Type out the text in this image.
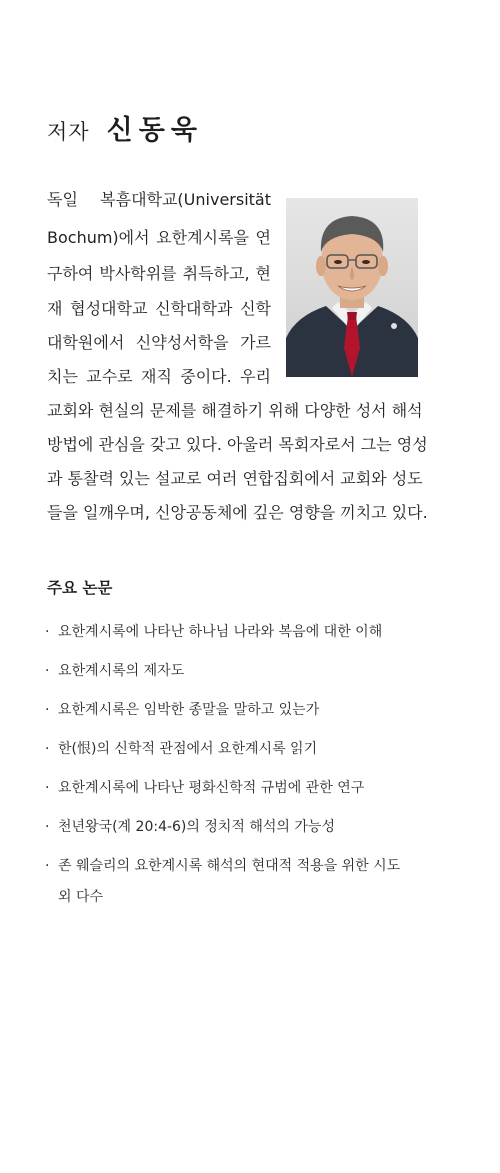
저자 신동욱
독일 복흠대학교(Universität
Bochum)에서 요한계시록을 연
구하여 박사학위를 취득하고, 현
재 협성대학교 신학대학과 신학
대학원에서 신약성서학을 가르
치는 교수로 재직 중이다. 우리
교회와 현실의 문제를 해결하기 위해 다양한 성서 해석
방법에 관심을 갖고 있다. 아울러 목회자로서 그는 영성
과 통찰력 있는 설교로 여러 연합집회에서 교회와 성도
들을 일깨우며, 신앙공동체에 깊은 영향을 끼치고 있다.
주요 논문
· 요한계시록에 나타난 하나님 나라와 복음에 대한 이해
· 요한계시록의 제자도
· 요한계시록은 임박한 종말을 말하고 있는가
· 한(恨)의 신학적 관점에서 요한계시록 읽기
· 요한계시록에 나타난 평화신학적 규범에 관한 연구
· 천년왕국(계 20:4-6)의 정치적 해석의 가능성
· 존 웨슬리의 요한계시록 해석의 현대적 적용을 위한 시도
외 다수
